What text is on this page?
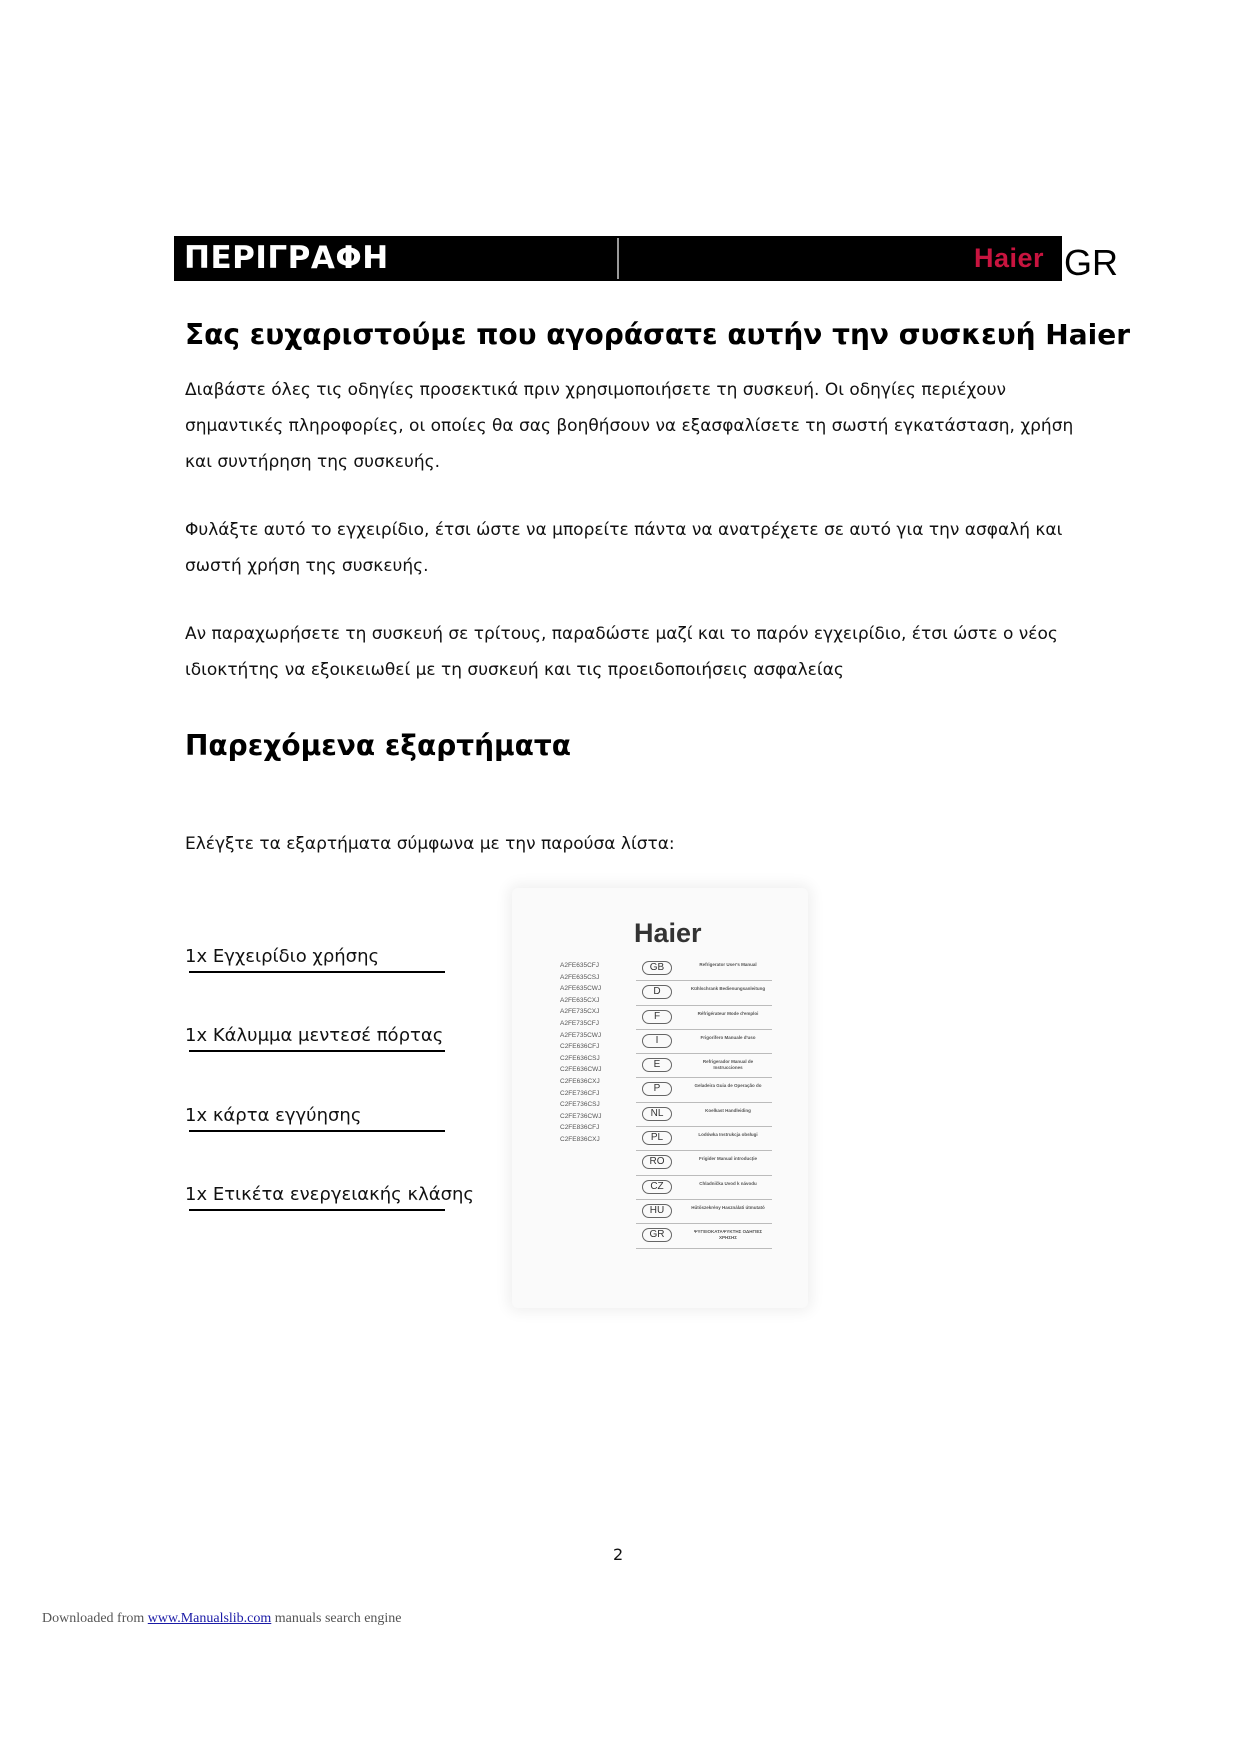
ΠΕΡΙΓΡΑΦΗ	Haier GR
Σας ευχαριστούμε που αγοράσατε αυτήν την συσκευή Haier

Διαβάστε όλες τις οδηγίες προσεκτικά πριν χρησιμοποιήσετε τη συσκευή. Οι οδηγίες περιέχουν σημαντικές πληροφορίες, οι οποίες θα σας βοηθήσουν να εξασφαλίσετε τη σωστή εγκατάσταση, χρήση και συντήρηση της συσκευής.

Φυλάξτε αυτό το εγχειρίδιο, έτσι ώστε να μπορείτε πάντα να ανατρέχετε σε αυτό για την ασφαλή και σωστή χρήση της συσκευής.

Αν παραχωρήσετε τη συσκευή σε τρίτους, παραδώστε μαζί και το παρόν εγχειρίδιο, έτσι ώστε ο νέος ιδιοκτήτης να εξοικειωθεί με τη συσκευή και τις προειδοποιήσεις ασφαλείας

Παρεχόμενα εξαρτήματα

Ελέγξτε τα εξαρτήματα σύμφωνα με την παρούσα λίστα:

1x Εγχειρίδιο χρήσης
1x Κάλυμμα μεντεσέ πόρτας
1x κάρτα εγγύησης
1x Ετικέτα ενεργειακής κλάσης
Haier
A2FE635CFJ
A2FE635CSJ
A2FE635CWJ
A2FE635CXJ
A2FE735CXJ
A2FE735CFJ
A2FE735CWJ
C2FE636CFJ
C2FE636CSJ
C2FE636CWJ
C2FE636CXJ
C2FE736CFJ
C2FE736CSJ
C2FE736CWJ
C2FE836CFJ
C2FE836CXJ
GB	Refrigerator User's Manual
D	Kühlschrank Bedienungsanleitung
F	Réfrigérateur Mode d'emploi
I	Frigorifero Manuale d'uso
E	Refrigerador Manual de Instrucciones
P	Geladeira Guia de Operação do
NL	Koelkast Handleiding
PL	Lodówka Instrukcja obsługi
RO	Frigider Manual introducție
CZ	Chladnička Uvod k návodu
HU	Hűtőszekrény Használati útmutató
GR	ΨΥΓΕΙΟΚΑΤΑΨΥΚΤΗΣ ΟΔΗΓΙΕΣ ΧΡΗΣΗΣ
2
Downloaded from www.Manualslib.com manuals search engine
